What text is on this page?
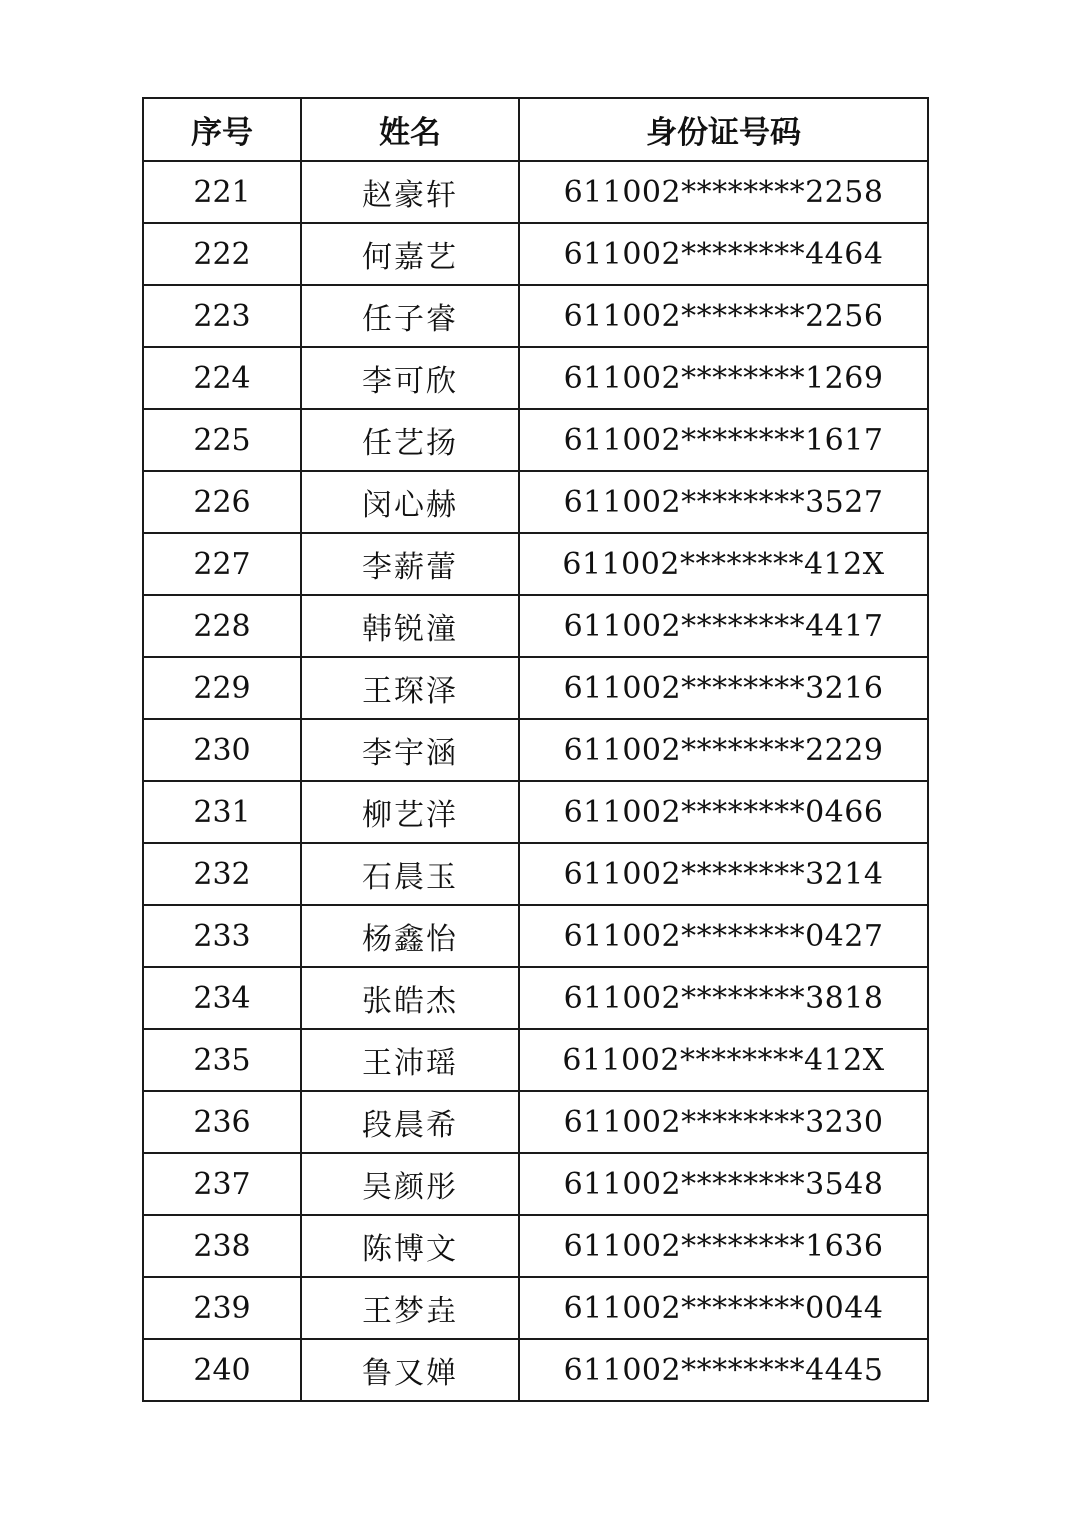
序号	姓名	身份证号码
221	赵豪轩	611002********2258
222	何嘉艺	611002********4464
223	任子睿	611002********2256
224	李可欣	611002********1269
225	任艺扬	611002********1617
226	闵心赫	611002********3527
227	李薪蕾	611002********412X
228	韩锐潼	611002********4417
229	王琛泽	611002********3216
230	李宇涵	611002********2229
231	柳艺洋	611002********0466
232	石晨玉	611002********3214
233	杨鑫怡	611002********0427
234	张皓杰	611002********3818
235	王沛瑶	611002********412X
236	段晨希	611002********3230
237	吴颜彤	611002********3548
238	陈博文	611002********1636
239	王梦垚	611002********0044
240	鲁又婵	611002********4445
